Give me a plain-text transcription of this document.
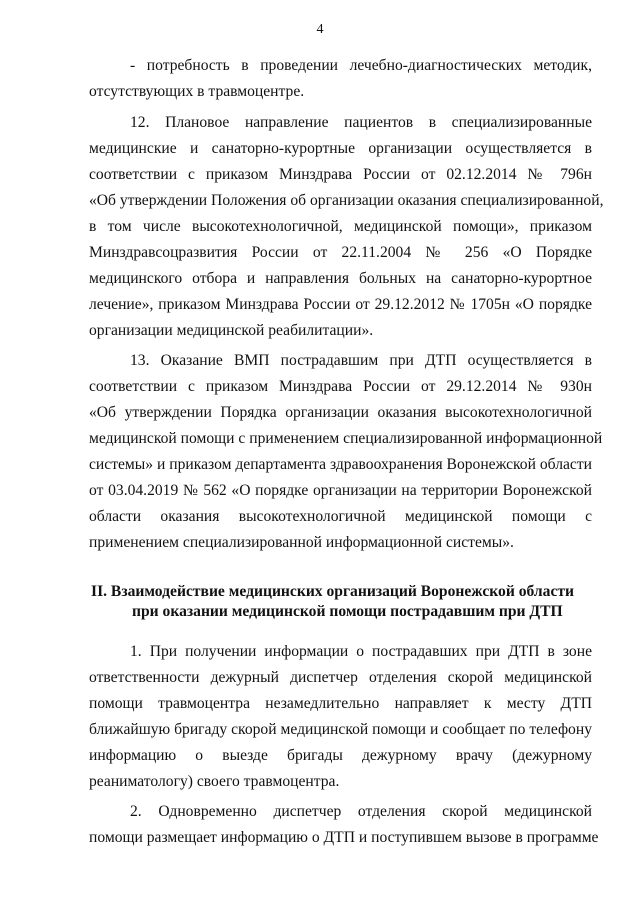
4
- потребность в проведении лечебно-диагностических методик,
отсутствующих в травмоцентре.
12. Плановое направление пациентов в специализированные
медицинские и санаторно-курортные организации осуществляется в
соответствии с приказом Минздрава России от 02.12.2014 № 796н
«Об утверждении Положения об организации оказания специализированной,
в том числе высокотехнологичной, медицинской помощи», приказом
Минздравсоцразвития России от 22.11.2004 № 256 «О Порядке
медицинского отбора и направления больных на санаторно-курортное
лечение», приказом Минздрава России от 29.12.2012 № 1705н «О порядке
организации медицинской реабилитации».
13. Оказание ВМП пострадавшим при ДТП осуществляется в
соответствии с приказом Минздрава России от 29.12.2014 № 930н
«Об утверждении Порядка организации оказания высокотехнологичной
медицинской помощи с применением специализированной информационной
системы» и приказом департамента здравоохранения Воронежской области
от 03.04.2019 № 562 «О порядке организации на территории Воронежской
области оказания высокотехнологичной медицинской помощи с
применением специализированной информационной системы».
II. Взаимодействие медицинских организаций Воронежской области
при оказании медицинской помощи пострадавшим при ДТП
1. При получении информации о пострадавших при ДТП в зоне
ответственности дежурный диспетчер отделения скорой медицинской
помощи травмоцентра незамедлительно направляет к месту ДТП
ближайшую бригаду скорой медицинской помощи и сообщает по телефону
информацию о выезде бригады дежурному врачу (дежурному
реаниматологу) своего травмоцентра.
2. Одновременно диспетчер отделения скорой медицинской
помощи размещает информацию о ДТП и поступившем вызове в программе
